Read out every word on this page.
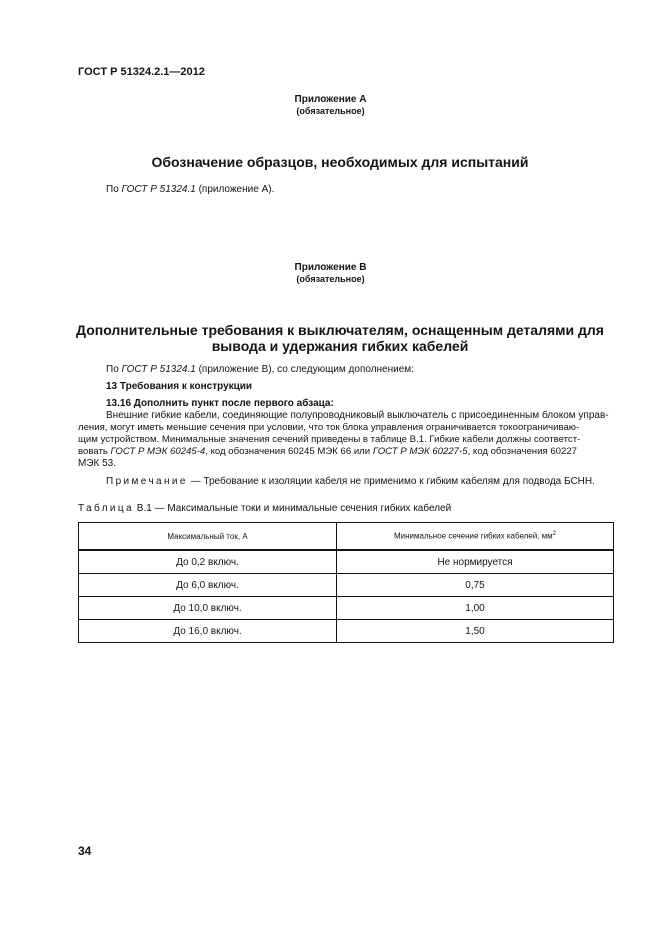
ГОСТ Р 51324.2.1—2012
Приложение А
(обязательное)
Обозначение образцов, необходимых для испытаний
По ГОСТ Р 51324.1 (приложение А).
Приложение В
(обязательное)
Дополнительные требования к выключателям, оснащенным деталями для
вывода и удержания гибких кабелей
По ГОСТ Р 51324.1 (приложение В), со следующим дополнением:
13 Требования к конструкции
13.16 Дополнить пункт после первого абзаца:
Внешние гибкие кабели, соединяющие полупроводниковый выключатель с присоединенным блоком управ-
ления, могут иметь меньшие сечения при условии, что ток блока управления ограничивается токоограничиваю-
щим устройством. Минимальные значения сечений приведены в таблице В.1. Гибкие кабели должны соответст-
вовать ГОСТ Р МЭК 60245-4, код обозначения 60245 МЭК 66 или ГОСТ Р МЭК 60227-5, код обозначения 60227
МЭК 53.
Примечание — Требование к изоляции кабеля не применимо к гибким кабелям для подвода БСНН.
Таблица В.1 — Максимальные токи и минимальные сечения гибких кабелей
Максимальный ток, А	Минимальное сечение гибких кабелей, $мм^2$
До 0,2 включ.	Не нормируется
До 6,0 включ.	0,75
До 10,0 включ.	1,00
До 16,0 включ.	1,50
34
